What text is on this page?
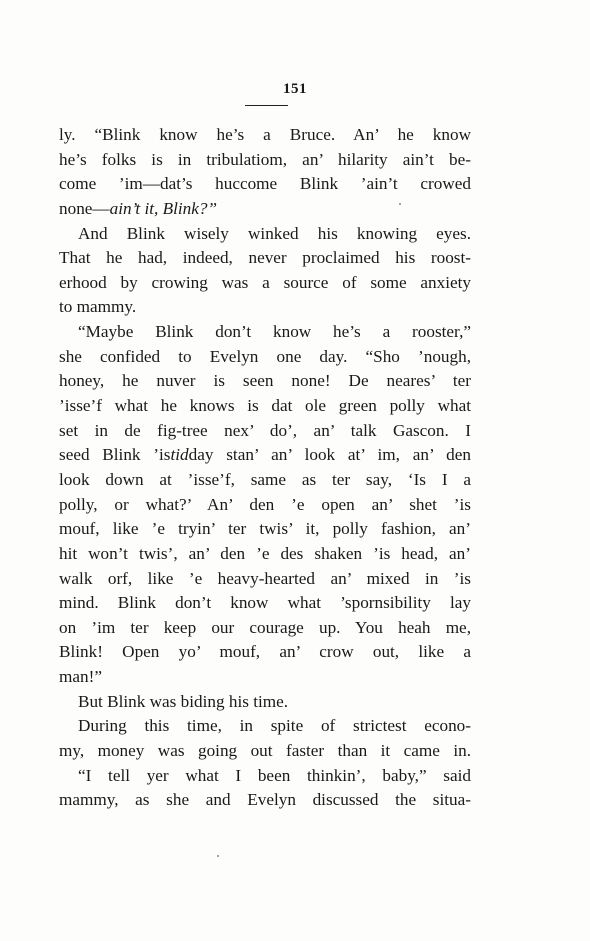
151
ly. “Blink know he’s a Bruce. An’ he know
he’s folks is in tribulatiom, an’ hilarity ain’t be-
come ’im—dat’s huccome Blink ’ain’t crowed
none—ain’t it, Blink?”
And Blink wisely winked his knowing eyes.
That he had, indeed, never proclaimed his roost-
erhood by crowing was a source of some anxiety
to mammy.
“Maybe Blink don’t know he’s a rooster,”
she confided to Evelyn one day. “Sho ’nough,
honey, he nuver is seen none! De neares’ ter
’isse’f what he knows is dat ole green polly what
set in de fig-tree nex’ do’, an’ talk Gascon. I
seed Blink ’istidday stan’ an’ look at’ im, an’ den
look down at ’isse’f, same as ter say, ‘Is I a
polly, or what?’ An’ den ’e open an’ shet ’is
mouf, like ’e tryin’ ter twis’ it, polly fashion, an’
hit won’t twis’, an’ den ’e des shaken ’is head, an’
walk orf, like ’e heavy-hearted an’ mixed in ’is
mind. Blink don’t know what ’spornsibility lay
on ’im ter keep our courage up. You heah me,
Blink! Open yo’ mouf, an’ crow out, like a
man!”
But Blink was biding his time.
During this time, in spite of strictest econo-
my, money was going out faster than it came in.
“I tell yer what I been thinkin’, baby,” said
mammy, as she and Evelyn discussed the situa-
